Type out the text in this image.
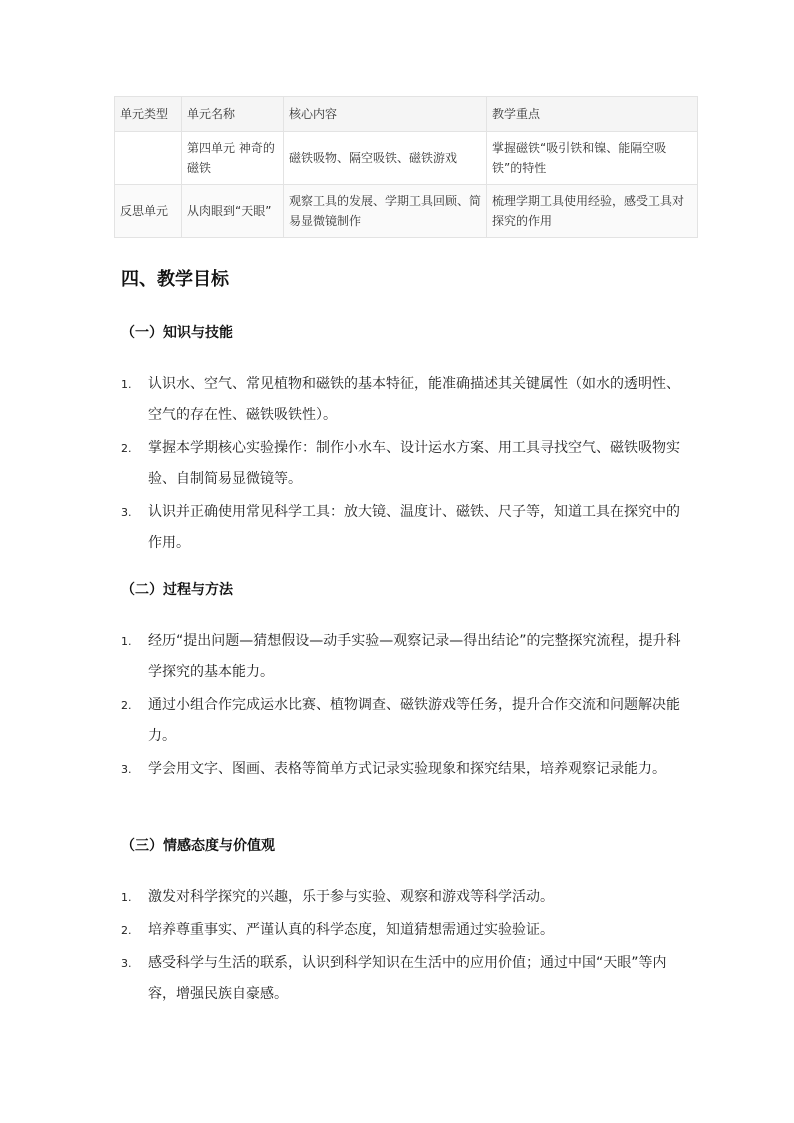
单元类型	单元名称	核心内容	教学重点
	第四单元 神奇的磁铁	磁铁吸物、隔空吸铁、磁铁游戏	掌握磁铁“吸引铁和镍、能隔空吸铁”的特性
反思单元	从肉眼到“天眼”	观察工具的发展、学期工具回顾、简易显微镜制作	梳理学期工具使用经验，感受工具对探究的作用
四、教学目标
（一）知识与技能
1. 认识水、空气、常见植物和磁铁的基本特征，能准确描述其关键属性（如水的透明性、空气的存在性、磁铁吸铁性）。
2. 掌握本学期核心实验操作：制作小水车、设计运水方案、用工具寻找空气、磁铁吸物实验、自制简易显微镜等。
3. 认识并正确使用常见科学工具：放大镜、温度计、磁铁、尺子等，知道工具在探究中的作用。
（二）过程与方法
1. 经历“提出问题—猜想假设—动手实验—观察记录—得出结论”的完整探究流程，提升科学探究的基本能力。
2. 通过小组合作完成运水比赛、植物调查、磁铁游戏等任务，提升合作交流和问题解决能力。
3. 学会用文字、图画、表格等简单方式记录实验现象和探究结果，培养观察记录能力。
（三）情感态度与价值观
1. 激发对科学探究的兴趣，乐于参与实验、观察和游戏等科学活动。
2. 培养尊重事实、严谨认真的科学态度，知道猜想需通过实验验证。
3. 感受科学与生活的联系，认识到科学知识在生活中的应用价值；通过中国“天眼”等内容，增强民族自豪感。
